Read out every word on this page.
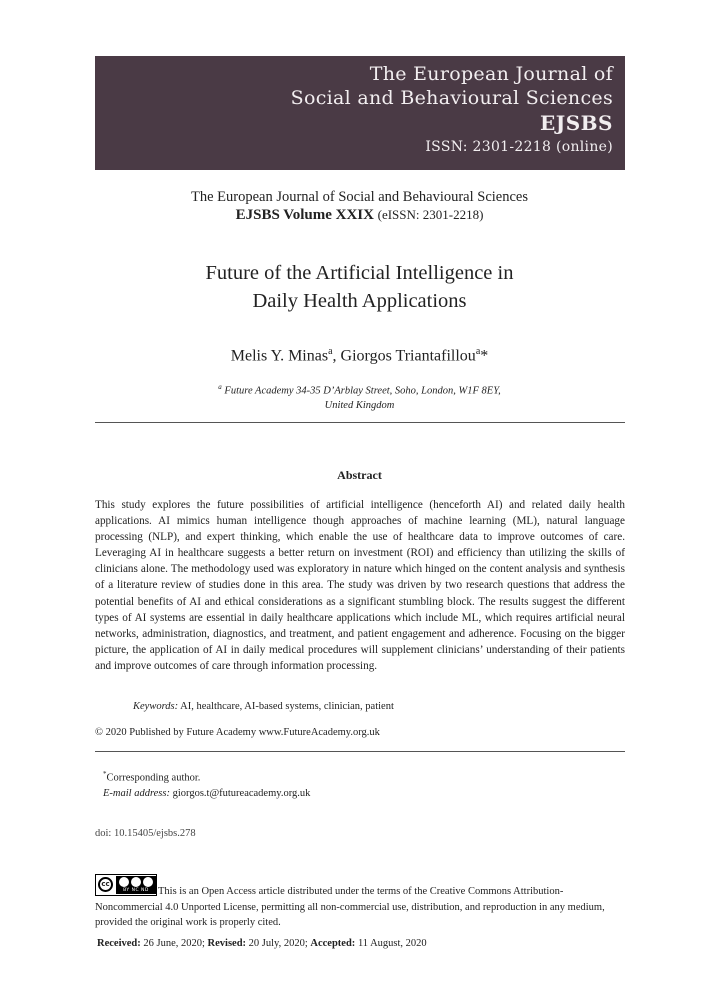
The European Journal of
Social and Behavioural Sciences
EJSBS
ISSN: 2301-2218 (online)
The European Journal of Social and Behavioural Sciences
EJSBS Volume XXIX (eISSN: 2301-2218)
Future of the Artificial Intelligence in
Daily Health Applications
Melis Y. Minas$^a$, Giorgos Triantafillou$^a$*
$^a$ Future Academy 34-35 D’Arblay Street, Soho, London, W1F 8EY,
United Kingdom
Abstract
This study explores the future possibilities of artificial intelligence (henceforth AI) and related daily health applications. AI mimics human intelligence though approaches of machine learning (ML), natural language processing (NLP), and expert thinking, which enable the use of healthcare data to improve outcomes of care. Leveraging AI in healthcare suggests a better return on investment (ROI) and efficiency than utilizing the skills of clinicians alone. The methodology used was exploratory in nature which hinged on the content analysis and synthesis of a literature review of studies done in this area. The study was driven by two research questions that address the potential benefits of AI and ethical considerations as a significant stumbling block. The results suggest the different types of AI systems are essential in daily healthcare applications which include ML, which requires artificial neural networks, administration, diagnostics, and treatment, and patient engagement and adherence. Focusing on the bigger picture, the application of AI in daily medical procedures will supplement clinicians’ understanding of their patients and improve outcomes of care through information processing.
Keywords: AI, healthcare, AI-based systems, clinician, patient
© 2020 Published by Future Academy www.FutureAcademy.org.uk
*Corresponding author.
E-mail address: giorgos.t@futureacademy.org.uk
doi: 10.15405/ejsbs.278
cc
BY NC ND This is an Open Access article distributed under the terms of the Creative Commons Attribution-
Noncommercial 4.0 Unported License, permitting all non-commercial use, distribution, and reproduction in any medium,
provided the original work is properly cited.
Received: 26 June, 2020; Revised: 20 July, 2020; Accepted: 11 August, 2020
